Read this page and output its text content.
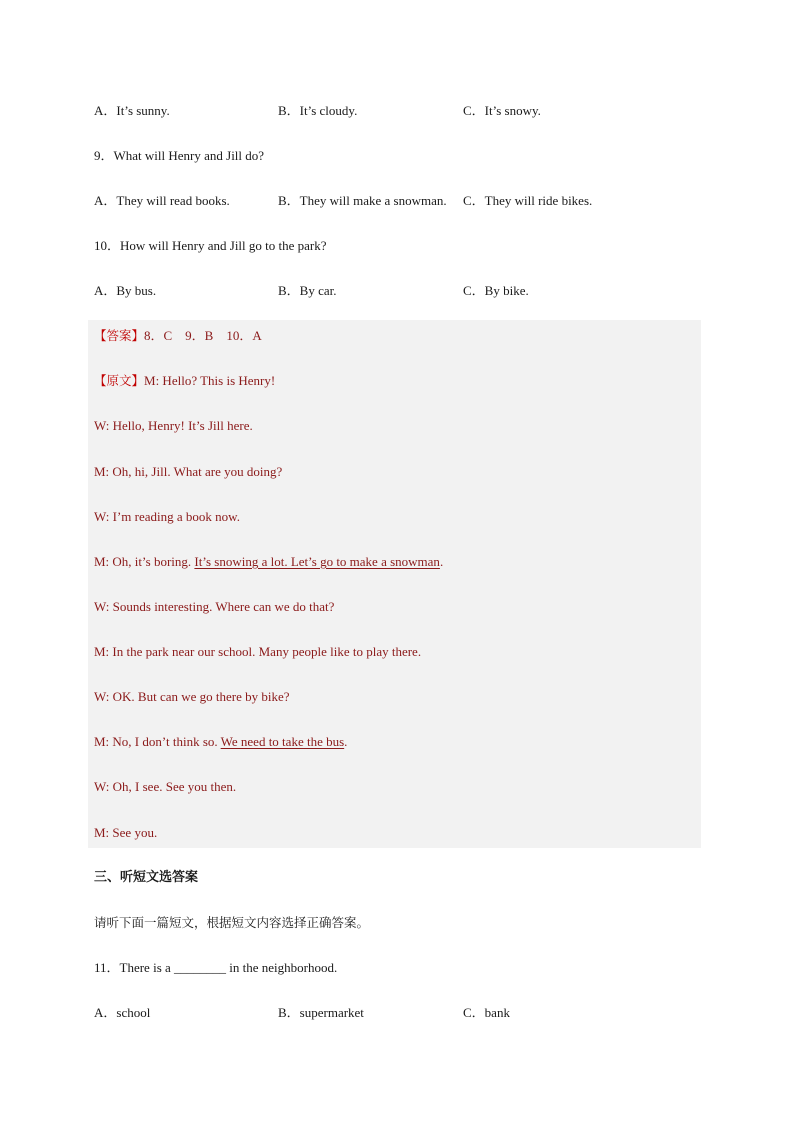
A．It’s sunny.	B．It’s cloudy.	C．It’s snowy.
9．What will Henry and Jill do?
A．They will read books.	B．They will make a snowman. C．They will ride bikes.
10．How will Henry and Jill go to the park?
A．By bus.	B．By car.	C．By bike.
【答案】8．C　9．B　10．A
【原文】M: Hello? This is Henry!
W: Hello, Henry! It’s Jill here.
M: Oh, hi, Jill. What are you doing?
W: I’m reading a book now.
M: Oh, it’s boring. It’s snowing a lot. Let’s go to make a snowman.
W: Sounds interesting. Where can we do that?
M: In the park near our school. Many people like to play there.
W: OK. But can we go there by bike?
M: No, I don’t think so. We need to take the bus.
W: Oh, I see. See you then.
M: See you.
三、听短文选答案
请听下面一篇短文，根据短文内容选择正确答案。
11．There is a ________ in the neighborhood.
A．school	B．supermarket	C．bank
